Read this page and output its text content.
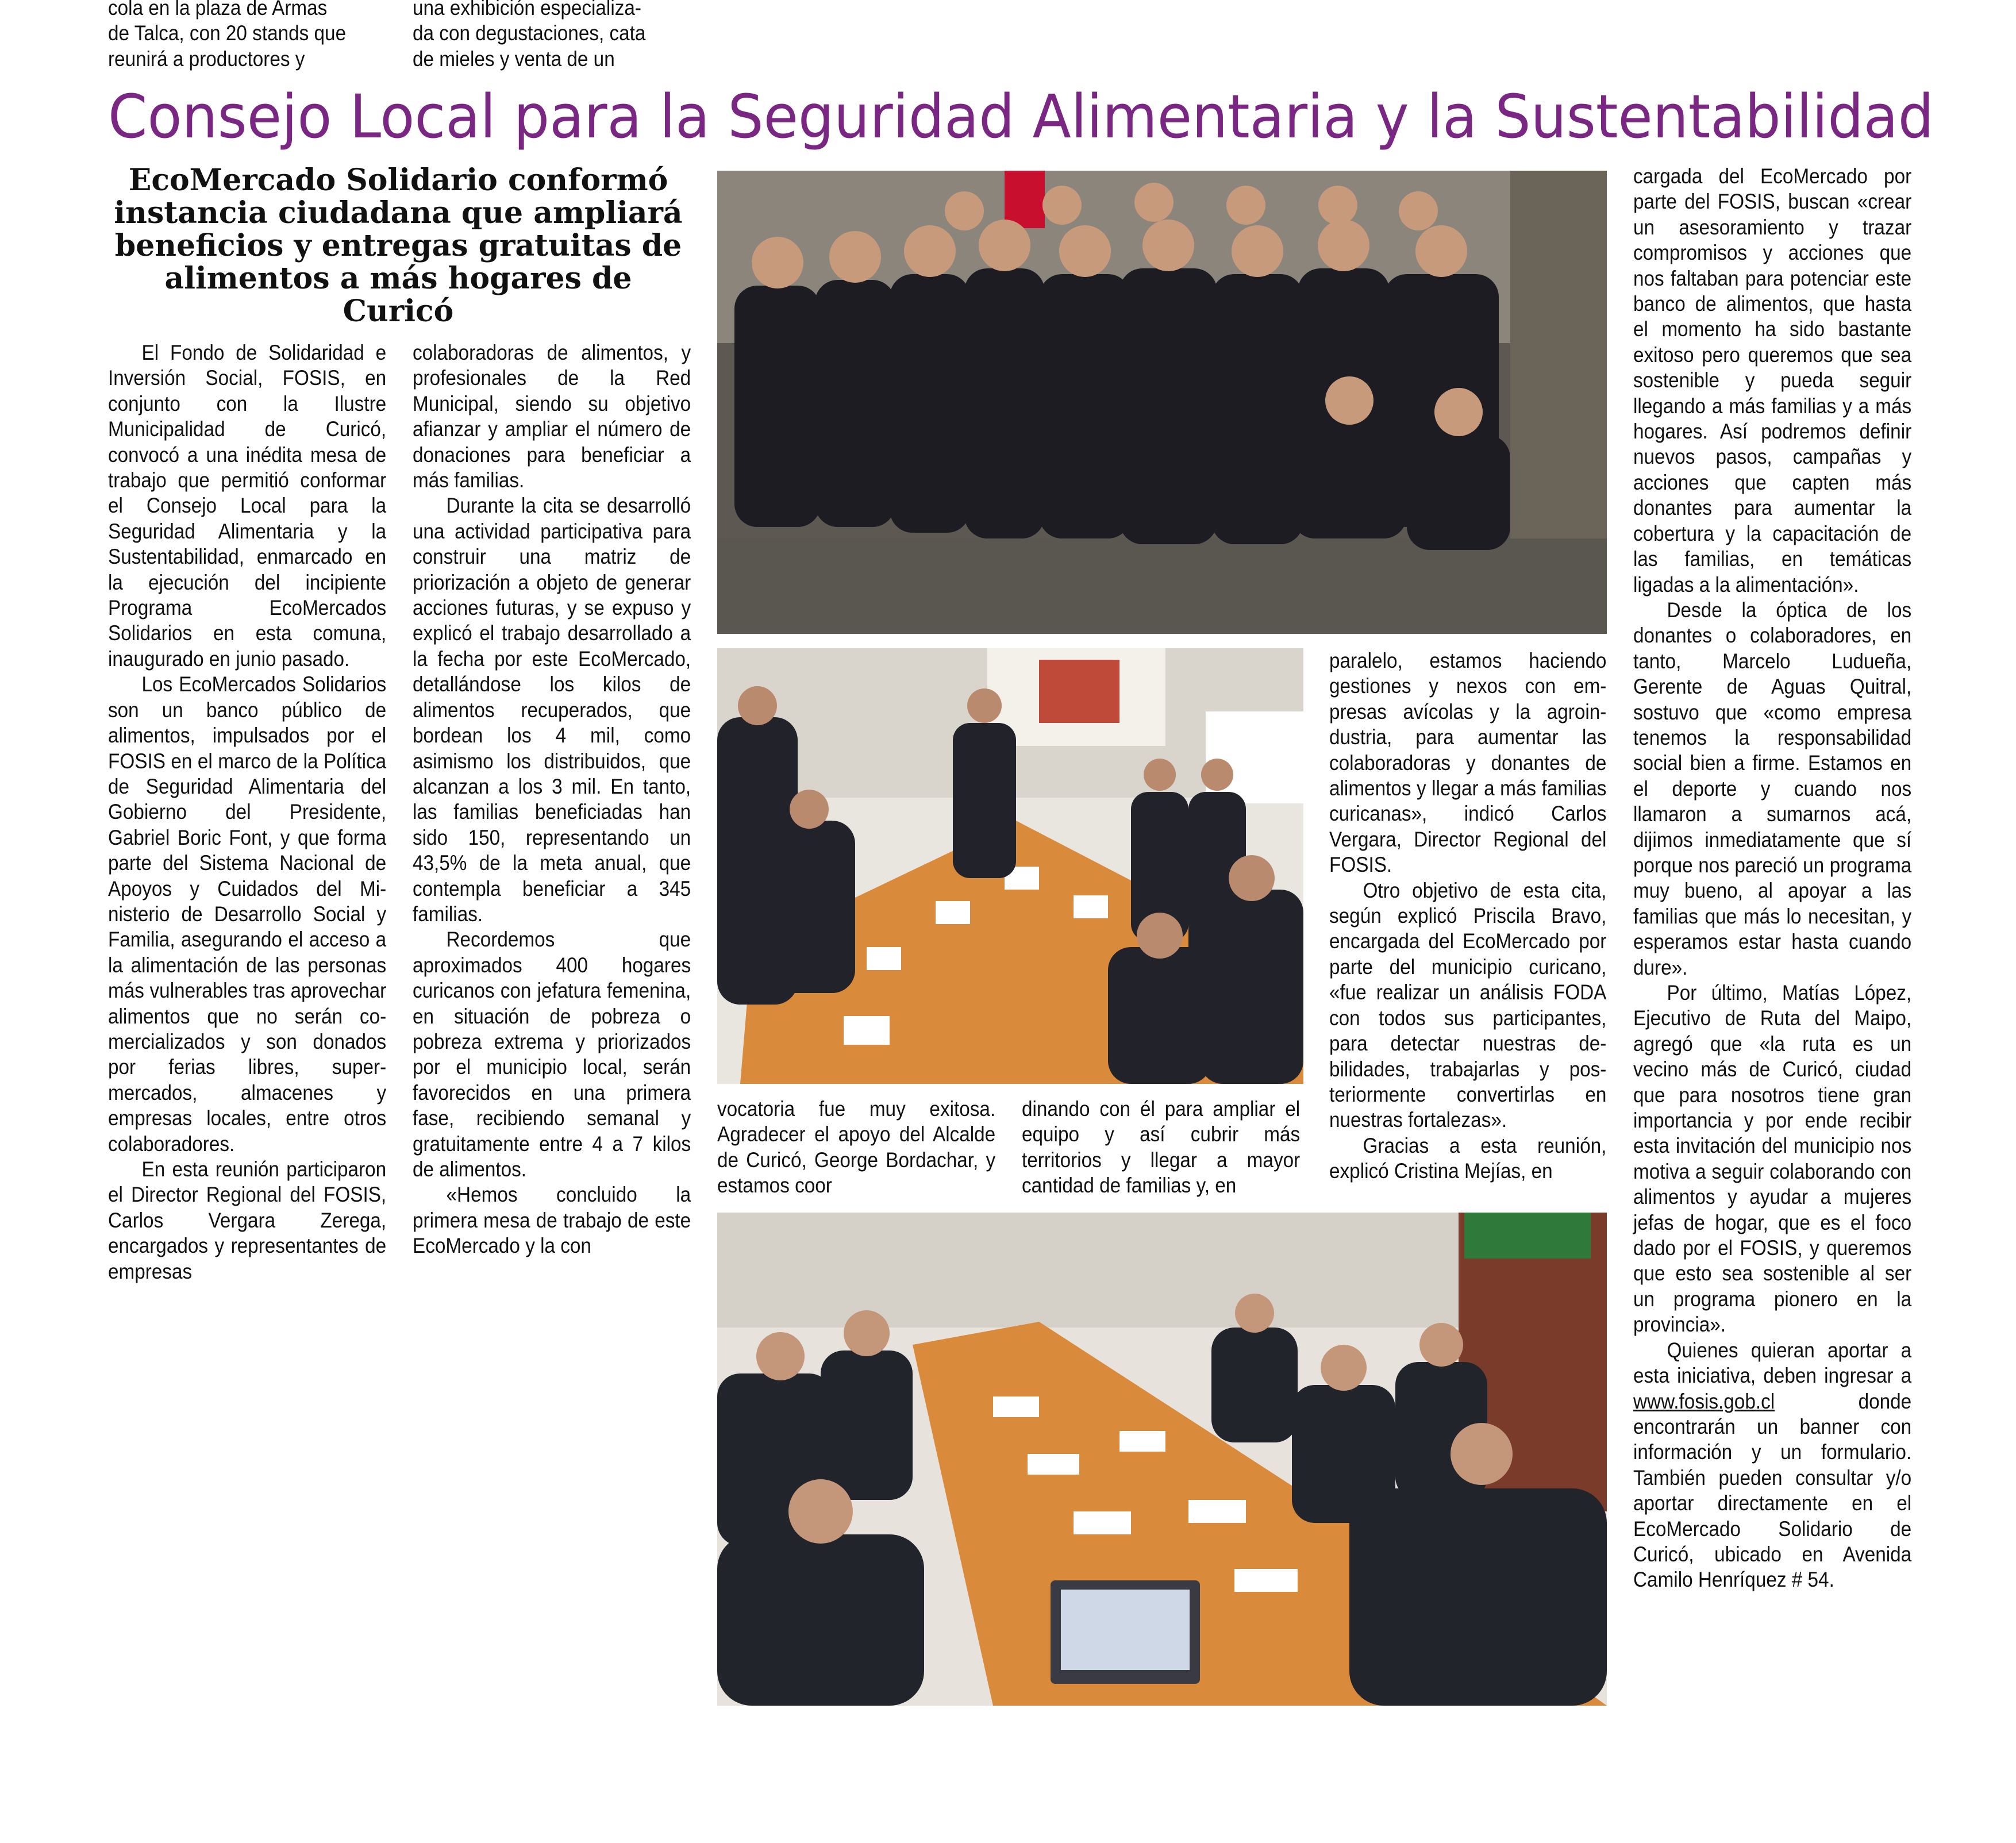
cola en la plaza de Armas
de Talca, con 20 stands que
reunirá a productores y
una exhibición especializa-
da con degustaciones, cata
de mieles y venta de un
Consejo Local para la Seguridad Alimentaria y la Sustentabilidad
EcoMercado Solidario conformó instancia ciudadana que ampliará beneficios y entregas gratuitas de alimentos a más hogares de Curicó

El Fondo de Solidaridad e Inversión Social, FOSIS, en conjunto con la Ilustre Municipalidad de Curicó, convocó a una inédita mesa de trabajo que permitió conformar el Consejo Local para la Seguridad Alimentaria y la Sustentabilidad, enmarcado en la ejecución del incipiente Programa EcoMercados Solidarios en esta comuna, inaugurado en junio pasado.

Los EcoMercados Solidarios son un banco público de alimentos, impulsados por el FOSIS en el marco de la Política de Seguridad Alimentaria del Gobierno del Presidente, Gabriel Boric Font, y que forma parte del Sistema Nacional de Apoyos y Cuidados del Ministerio de Desarrollo Social y Familia, asegurando el acceso a la alimentación de las personas más vulnerables tras aprovechar alimentos que no serán comercializados y son donados por ferias libres, supermercados, almacenes y empresas locales, entre otros colaboradores.

En esta reunión participaron el Director Regional del FOSIS, Carlos Vergara Zerega, encargados y representantes de empresas

colaboradoras de alimentos, y profesionales de la Red Municipal, siendo su objetivo afianzar y ampliar el número de donaciones para beneficiar a más familias.

Durante la cita se desarrolló una actividad participativa para construir una matriz de priorización a objeto de generar acciones futuras, y se expuso y explicó el trabajo desarrollado a la fecha por este EcoMercado, detallándose los kilos de alimentos recuperados, que bordean los 4 mil, como asimismo los distribuidos, que alcanzan a los 3 mil. En tanto, las familias beneficiadas han sido 150, representando un 43,5% de la meta anual, que contempla beneficiar a 345 familias.

Recordemos que aproximados 400 hogares curicanos con jefatura femenina, en situación de pobreza o pobreza extrema y priorizados por el municipio local, serán favorecidos en una primera fase, recibiendo semanal y gratuitamente entre 4 a 7 kilos de alimentos.

«Hemos concluido la primera mesa de trabajo de este EcoMercado y la con

vocatoria fue muy exitosa. Agradecer el apoyo del Alcalde de Curicó, George Bordachar, y estamos coor

dinando con él para ampliar el equipo y así cubrir más territorios y llegar a mayor cantidad de familias y, en

paralelo, estamos haciendo gestiones y nexos con empresas avícolas y la agroindustria, para aumentar las colaboradoras y donantes de alimentos y llegar a más familias curicanas», indicó Carlos Vergara, Director Regional del FOSIS.

Otro objetivo de esta cita, según explicó Priscila Bravo, encargada del EcoMercado por parte del municipio curicano, «fue realizar un análisis FODA con todos sus participantes, para detectar nuestras debilidades, trabajarlas y posteriormente convertirlas en nuestras fortalezas».

Gracias a esta reunión, explicó Cristina Mejías, en

cargada del EcoMercado por parte del FOSIS, buscan «crear un asesoramiento y trazar compromisos y acciones que nos faltaban para potenciar este banco de alimentos, que hasta el momento ha sido bastante exitoso pero queremos que sea sostenible y pueda seguir llegando a más familias y a más hogares. Así podremos definir nuevos pasos, campañas y acciones que capten más donantes para aumentar la cobertura y la capacitación de las familias, en temáticas ligadas a la alimentación».

Desde la óptica de los donantes o colaboradores, en tanto, Marcelo Ludueña, Gerente de Aguas Quitral, sostuvo que «como empresa tenemos la responsabilidad social bien a firme. Estamos en el deporte y cuando nos llamaron a sumarnos acá, dijimos inmediatamente que sí porque nos pareció un programa muy bueno, al apoyar a las familias que más lo necesitan, y esperamos estar hasta cuando dure».

Por último, Matías López, Ejecutivo de Ruta del Maipo, agregó que «la ruta es un vecino más de Curicó, ciudad que para nosotros tiene gran importancia y por ende recibir esta invitación del municipio nos motiva a seguir colaborando con alimentos y ayudar a mujeres jefas de hogar, que es el foco dado por el FOSIS, y queremos que esto sea sostenible al ser un programa pionero en la provincia».

Quienes quieran aportar a esta iniciativa, deben ingresar a www.fosis.gob.cl donde encontrarán un banner con información y un formulario. También pueden consultar y/o aportar directamente en el EcoMercado Solidario de Curicó, ubicado en Avenida Camilo Henríquez # 54.
